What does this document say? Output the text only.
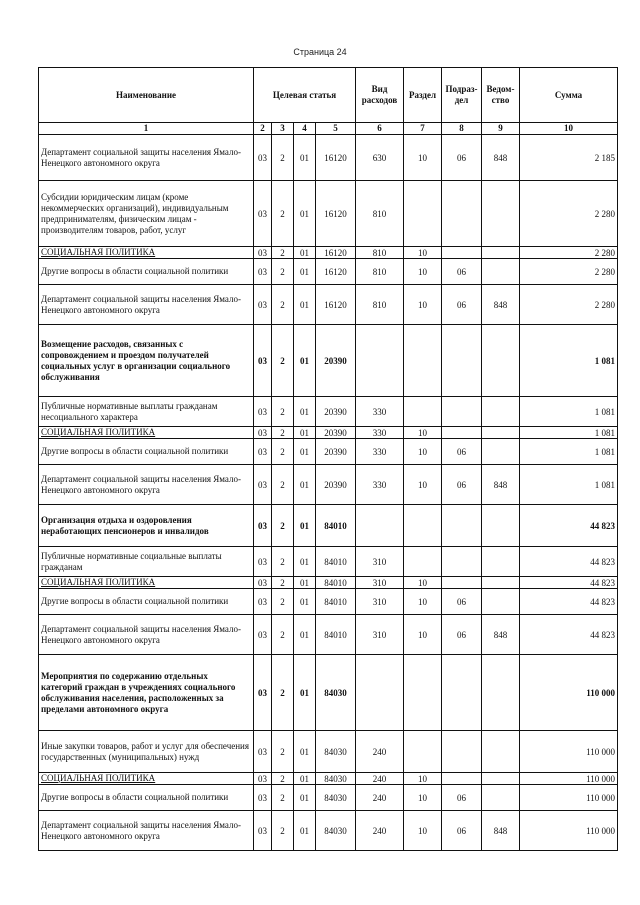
Страница 24
Наименование	Целевая статья				Вид расходов	Раздел	Подраз-дел	Ведом-ство	Сумма
1	2	3	4	5	6	7	8	9	10
Департамент социальной защиты населения Ямало-Ненецкого автономного округа	03	2	01	16120	630	10	06	848	2 185
Субсидии юридическим лицам (кроме некоммерческих организаций), индивидуальным предпринимателям, физическим лицам - производителям товаров, работ, услуг	03	2	01	16120	810				2 280
СОЦИАЛЬНАЯ ПОЛИТИКА	03	2	01	16120	810	10			2 280
Другие вопросы в области социальной политики	03	2	01	16120	810	10	06		2 280
Департамент социальной защиты населения Ямало-Ненецкого автономного округа	03	2	01	16120	810	10	06	848	2 280
Возмещение расходов, связанных с сопровождением и проездом получателей социальных услуг в организации социального обслуживания	03	2	01	20390					1 081
Публичные нормативные выплаты гражданам несоциального характера	03	2	01	20390	330				1 081
СОЦИАЛЬНАЯ ПОЛИТИКА	03	2	01	20390	330	10			1 081
Другие вопросы в области социальной политики	03	2	01	20390	330	10	06		1 081
Департамент социальной защиты населения Ямало-Ненецкого автономного округа	03	2	01	20390	330	10	06	848	1 081
Организация отдыха и оздоровления неработающих пенсионеров и инвалидов	03	2	01	84010					44 823
Публичные нормативные социальные выплаты гражданам	03	2	01	84010	310				44 823
СОЦИАЛЬНАЯ ПОЛИТИКА	03	2	01	84010	310	10			44 823
Другие вопросы в области социальной политики	03	2	01	84010	310	10	06		44 823
Департамент социальной защиты населения Ямало-Ненецкого автономного округа	03	2	01	84010	310	10	06	848	44 823
Мероприятия по содержанию отдельных категорий граждан в учреждениях социального обслуживания населения, расположенных за пределами автономного округа	03	2	01	84030					110 000
Иные закупки товаров, работ и услуг для обеспечения государственных (муниципальных) нужд	03	2	01	84030	240				110 000
СОЦИАЛЬНАЯ ПОЛИТИКА	03	2	01	84030	240	10			110 000
Другие вопросы в области социальной политики	03	2	01	84030	240	10	06		110 000
Департамент социальной защиты населения Ямало-Ненецкого автономного округа	03	2	01	84030	240	10	06	848	110 000
